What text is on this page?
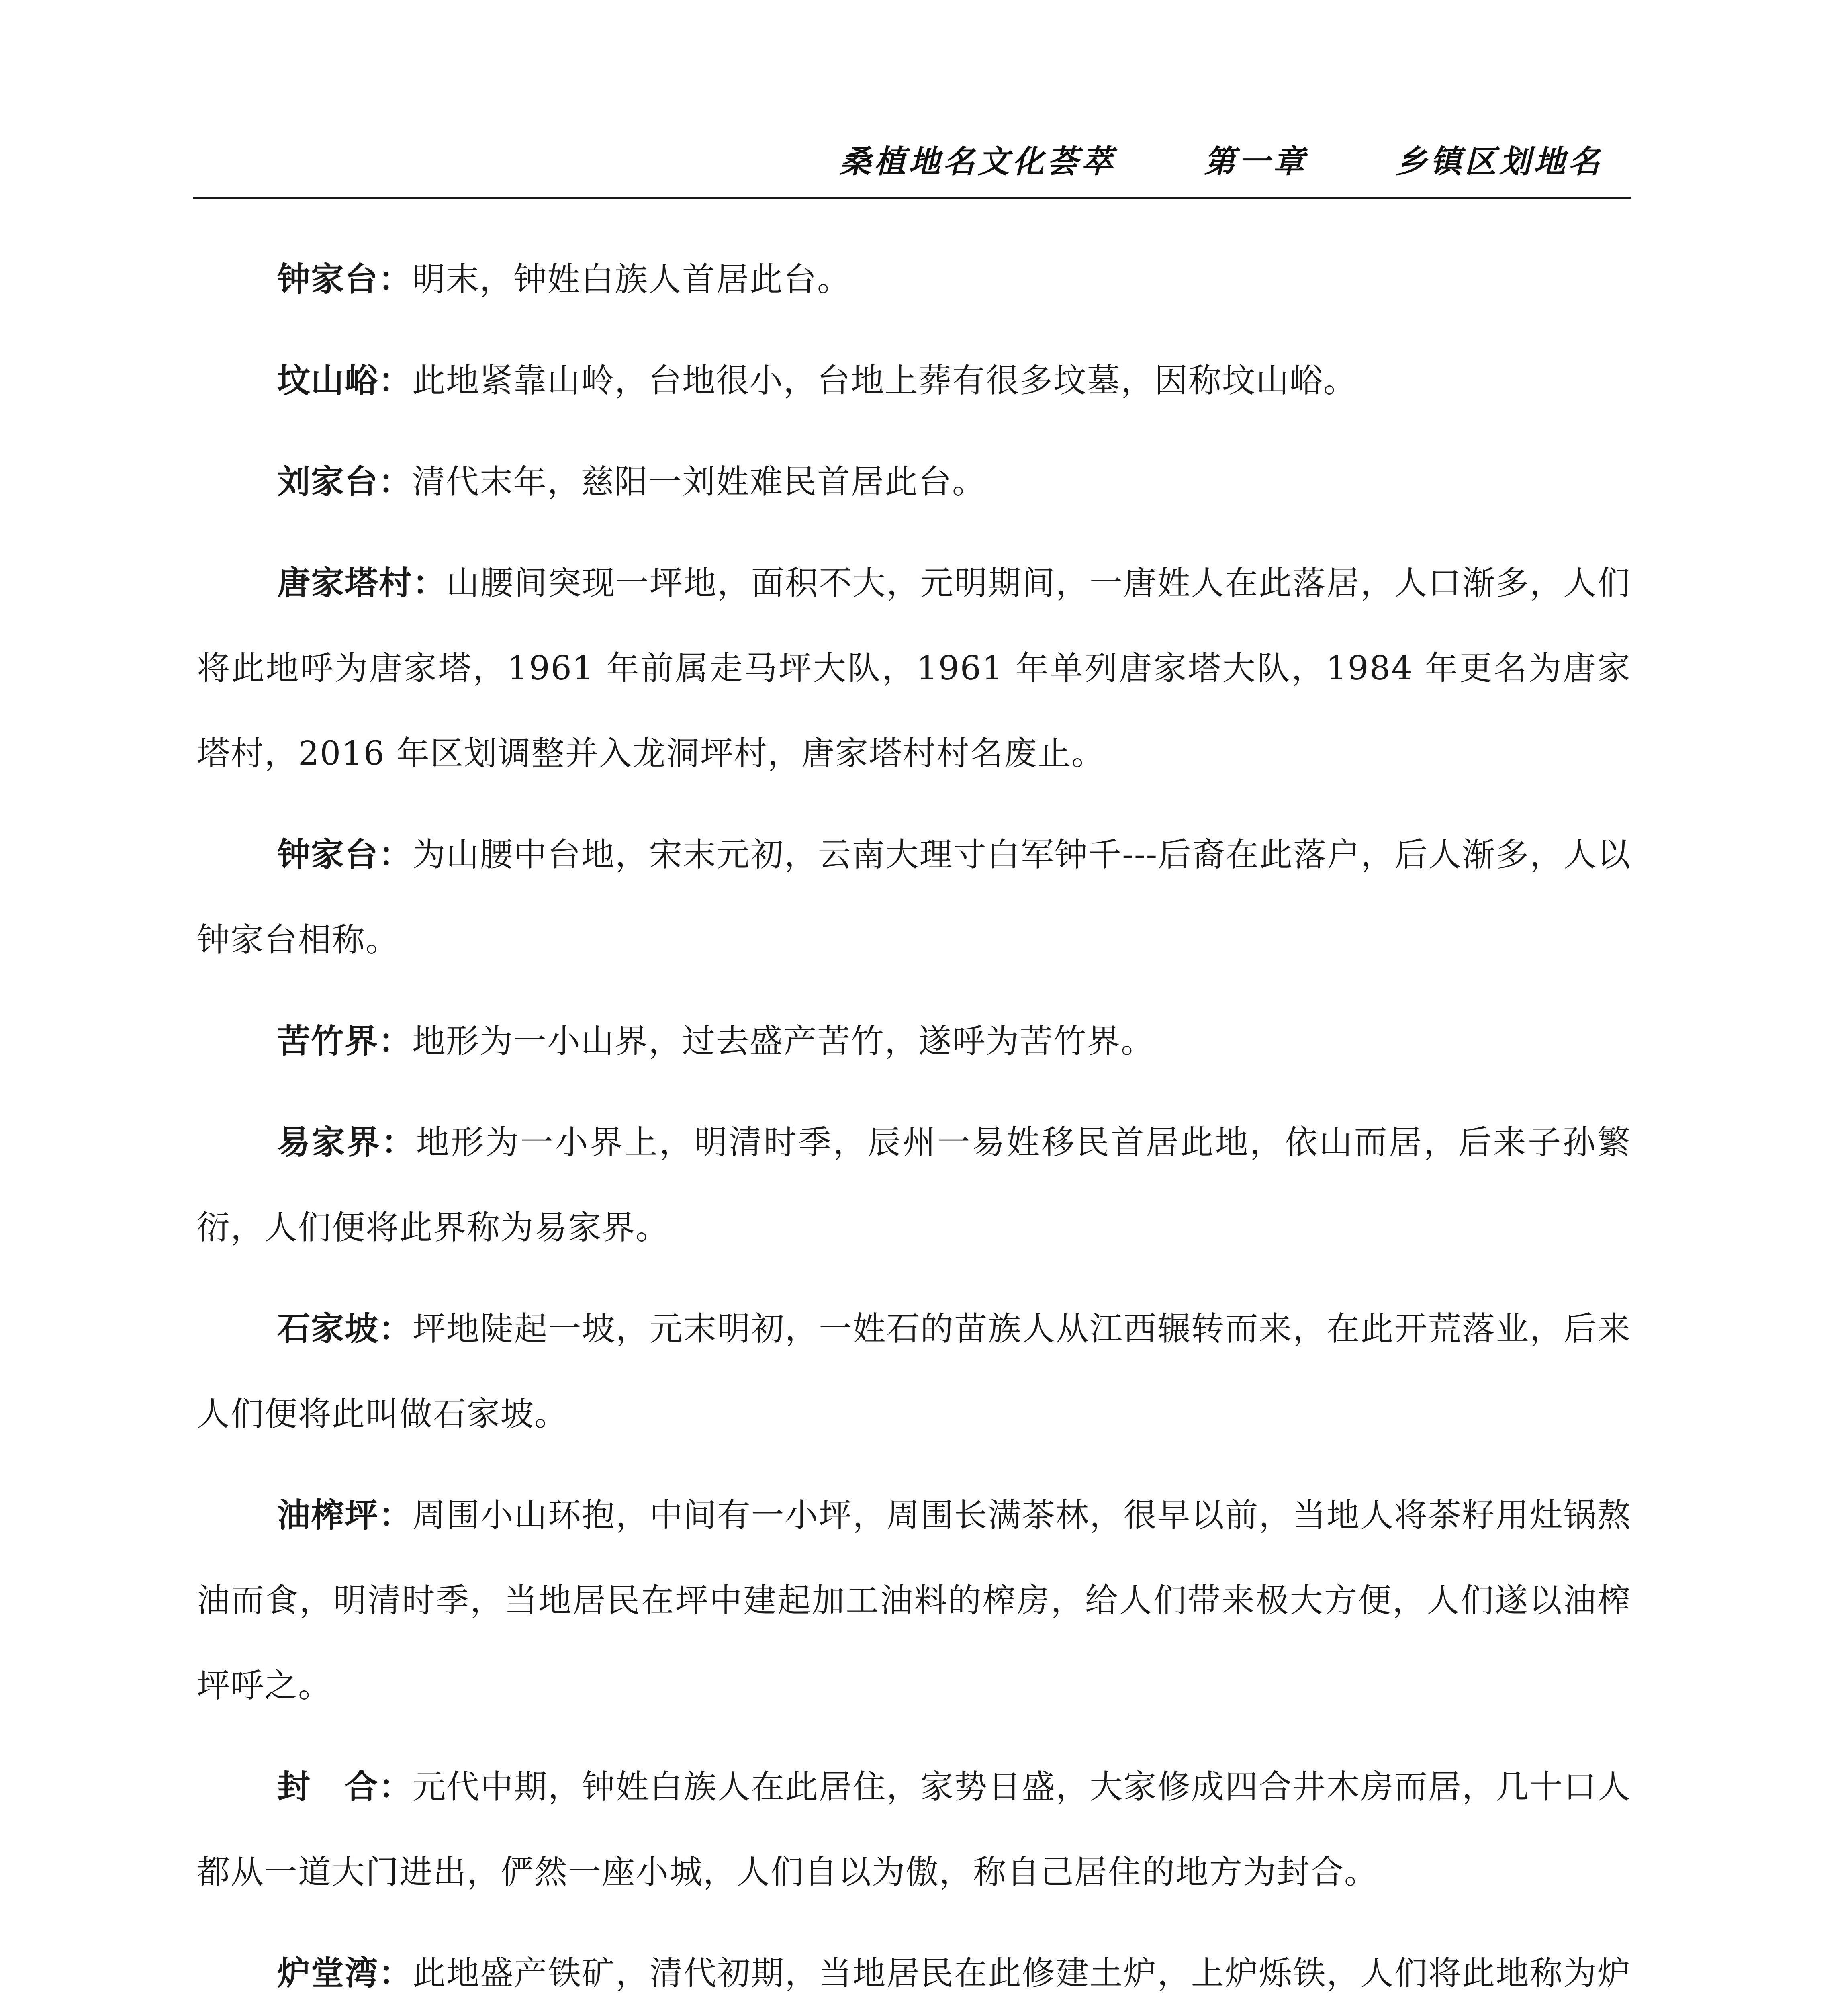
桑植地名文化荟萃	第一章	乡镇区划地名

钟家台：明末，钟姓白族人首居此台。

坟山峪：此地紧靠山岭，台地很小，台地上葬有很多坟墓，因称坟山峪。

刘家台：清代末年，慈阳一刘姓难民首居此台。

唐家塔村：山腰间突现一坪地，面积不大，元明期间，一唐姓人在此落居，人口渐多，人们将此地呼为唐家塔，1961 年前属走马坪大队，1961 年单列唐家塔大队，1984 年更名为唐家塔村，2016 年区划调整并入龙洞坪村，唐家塔村村名废止。

钟家台：为山腰中台地，宋末元初，云南大理寸白军钟千---后裔在此落户，后人渐多，人以钟家台相称。

苦竹界：地形为一小山界，过去盛产苦竹，遂呼为苦竹界。

易家界：地形为一小界上，明清时季，辰州一易姓移民首居此地，依山而居，后来子孙繁衍，人们便将此界称为易家界。

石家坡：坪地陡起一坡，元末明初，一姓石的苗族人从江西辗转而来，在此开荒落业，后来人们便将此叫做石家坡。

油榨坪：周围小山环抱，中间有一小坪，周围长满茶林，很早以前，当地人将茶籽用灶锅熬油而食，明清时季，当地居民在坪中建起加工油料的榨房，给人们带来极大方便，人们遂以油榨坪呼之。

封　合：元代中期，钟姓白族人在此居住，家势日盛，大家修成四合井木房而居，几十口人都从一道大门进出，俨然一座小城，人们自以为傲，称自己居住的地方为封合。

炉堂湾：此地盛产铁矿，清代初期，当地居民在此修建土炉，上炉烁铁，人们将此地称为炉
